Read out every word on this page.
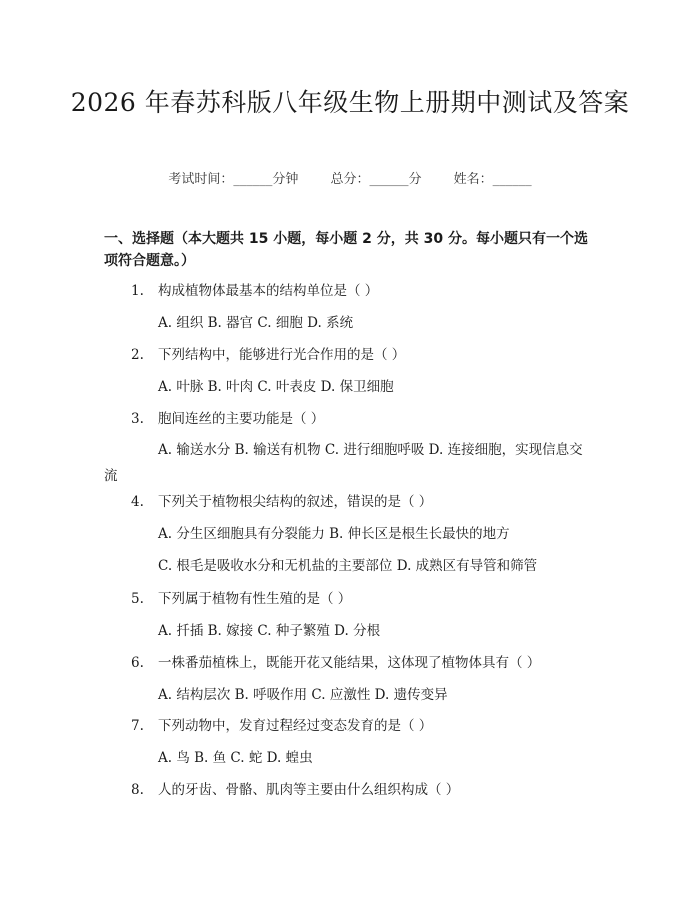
2026 年春苏科版八年级生物上册期中测试及答案
考试时间：______分钟 总分：______分 姓名：______
一、选择题（本大题共 15 小题，每小题 2 分，共 30 分。每小题只有一个选项符合题意。）
1. 构成植物体最基本的结构单位是（ ）
A. 组织 B. 器官 C. 细胞 D. 系统
2. 下列结构中，能够进行光合作用的是（ ）
A. 叶脉 B. 叶肉 C. 叶表皮 D. 保卫细胞
3. 胞间连丝的主要功能是（ ）
A. 输送水分 B. 输送有机物 C. 进行细胞呼吸 D. 连接细胞，实现信息交流
4. 下列关于植物根尖结构的叙述，错误的是（ ）
A. 分生区细胞具有分裂能力 B. 伸长区是根生长最快的地方
C. 根毛是吸收水分和无机盐的主要部位 D. 成熟区有导管和筛管
5. 下列属于植物有性生殖的是（ ）
A. 扦插 B. 嫁接 C. 种子繁殖 D. 分根
6. 一株番茄植株上，既能开花又能结果，这体现了植物体具有（ ）
A. 结构层次 B. 呼吸作用 C. 应激性 D. 遗传变异
7. 下列动物中，发育过程经过变态发育的是（ ）
A. 鸟 B. 鱼 C. 蛇 D. 蝗虫
8. 人的牙齿、骨骼、肌肉等主要由什么组织构成（ ）
